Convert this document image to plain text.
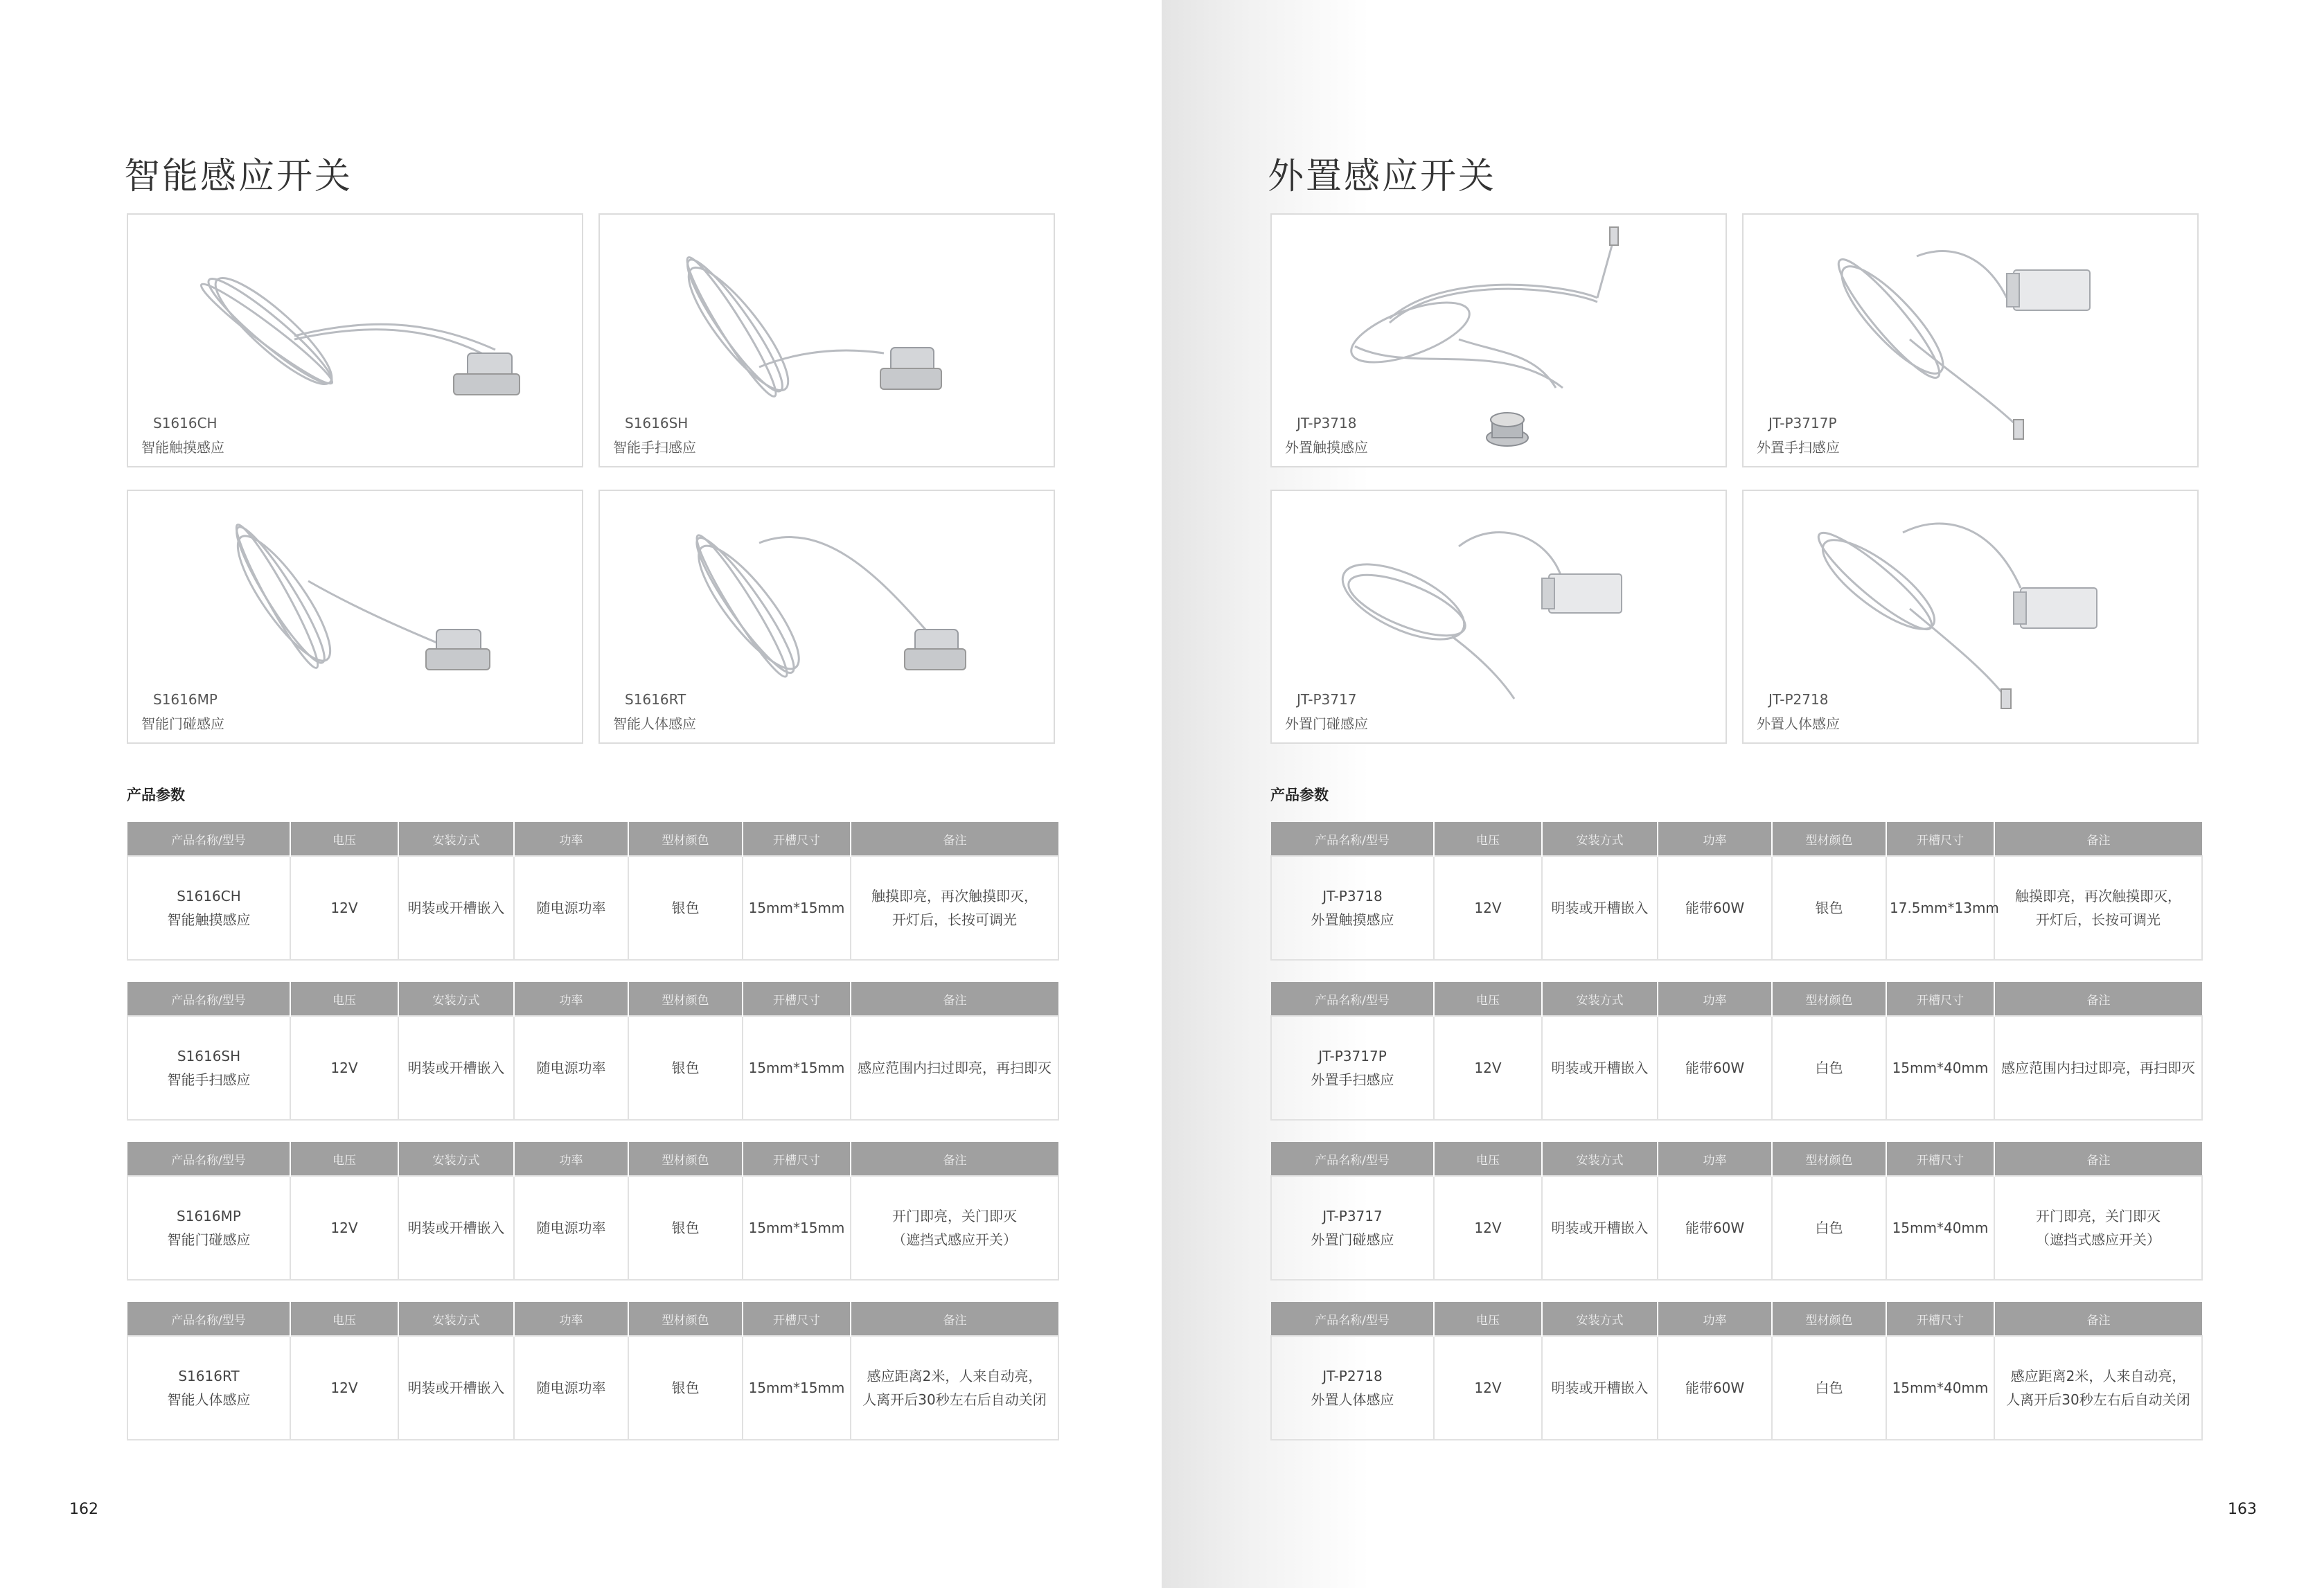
智能感应开关
S1616CH
智能触摸感应
S1616SH
智能手扫感应
S1616MP
智能门碰感应
S1616RT
智能人体感应
产品参数
产品名称/型号	电压	安装方式	功率	型材颜色	开槽尺寸	备注
S1616CH
智能触摸感应	12V	明装或开槽嵌入	随电源功率	银色	15mm*15mm	触摸即亮，再次触摸即灭，
开灯后，长按可调光
产品名称/型号	电压	安装方式	功率	型材颜色	开槽尺寸	备注
S1616SH
智能手扫感应	12V	明装或开槽嵌入	随电源功率	银色	15mm*15mm	感应范围内扫过即亮，再扫即灭
产品名称/型号	电压	安装方式	功率	型材颜色	开槽尺寸	备注
S1616MP
智能门碰感应	12V	明装或开槽嵌入	随电源功率	银色	15mm*15mm	开门即亮，关门即灭
（遮挡式感应开关）
产品名称/型号	电压	安装方式	功率	型材颜色	开槽尺寸	备注
S1616RT
智能人体感应	12V	明装或开槽嵌入	随电源功率	银色	15mm*15mm	感应距离2米，人来自动亮，
人离开后30秒左右后自动关闭
162
外置感应开关
JT-P3718
外置触摸感应
JT-P3717P
外置手扫感应
JT-P3717
外置门碰感应
JT-P2718
外置人体感应
产品参数
产品名称/型号	电压	安装方式	功率	型材颜色	开槽尺寸	备注
JT-P3718
外置触摸感应	12V	明装或开槽嵌入	能带60W	银色	17.5mm*13mm	触摸即亮，再次触摸即灭，
开灯后，长按可调光
产品名称/型号	电压	安装方式	功率	型材颜色	开槽尺寸	备注
JT-P3717P
外置手扫感应	12V	明装或开槽嵌入	能带60W	白色	15mm*40mm	感应范围内扫过即亮，再扫即灭
产品名称/型号	电压	安装方式	功率	型材颜色	开槽尺寸	备注
JT-P3717
外置门碰感应	12V	明装或开槽嵌入	能带60W	白色	15mm*40mm	开门即亮，关门即灭
（遮挡式感应开关）
产品名称/型号	电压	安装方式	功率	型材颜色	开槽尺寸	备注
JT-P2718
外置人体感应	12V	明装或开槽嵌入	能带60W	白色	15mm*40mm	感应距离2米，人来自动亮，
人离开后30秒左右后自动关闭
163
